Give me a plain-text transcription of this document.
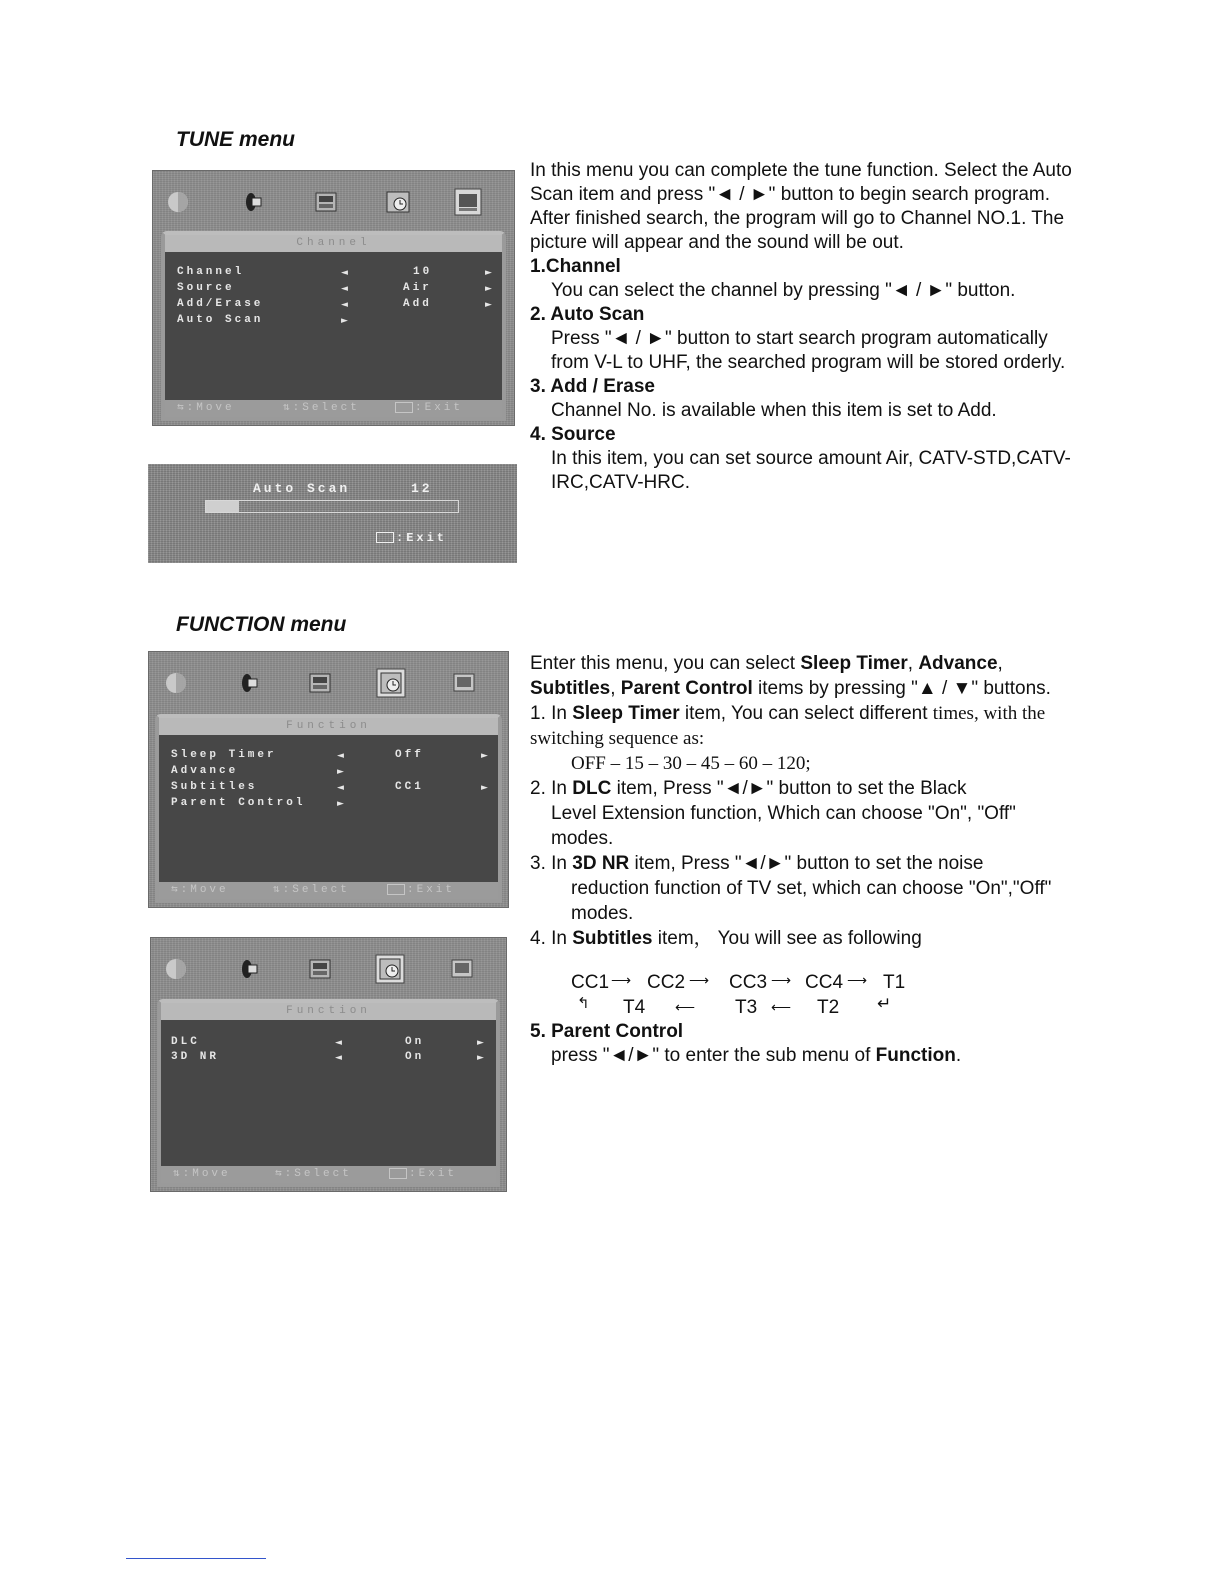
TUNE menu
Channel
Channel	◄	10	►
Source	◄	Air	►
Add/Erase	◄	Add	►
Auto Scan	►
⇆:Move	⇅:Select	:Exit
Auto Scan	12
:Exit

In this menu you can complete the tune function. Select the Auto Scan item and press "◄ / ►" button to begin search program. After finished search, the program will go to Channel NO.1. The picture will appear and the sound will be out.

1.Channel

You can select the channel by pressing "◄ / ►" button.

2. Auto Scan

Press "◄ / ►" button to start search program automatically from V-L to UHF, the searched program will be stored orderly.

3. Add / Erase

Channel No. is available when this item is set to Add.

4. Source

In this item, you can set source amount Air, CATV-STD,CATV-IRC,CATV-HRC.

FUNCTION menu
Function
Sleep Timer	◄	Off	►
Advance	►
Subtitles	◄	CC1	►
Parent Control	►
⇆:Move	⇅:Select	:Exit
Function
DLC	◄	On	►
3D NR	◄	On	►
⇅:Move	⇆:Select	:Exit

Enter this menu, you can select Sleep Timer, Advance, Subtitles, Parent Control items by pressing "▲ / ▼" buttons.

1. In Sleep Timer item, You can select different times, with the switching sequence as:

OFF – 15 – 30 – 45 – 60 – 120;

2. In DLC item, Press "◄/►" button to set the Black

Level Extension function, Which can choose "On", "Off" modes.

3. In 3D NR item, Press "◄/►" button to set the noise

reduction function of TV set, which can choose "On","Off" modes.

4. In Subtitles item， You will see as following

CC1 ⟶ CC2 ⟶ CC3 ⟶ CC4 ⟶ T1
↰ T4 ⟵ T3 ⟵ T2 ↵

5. Parent Control

press "◄/►" to enter the sub menu of Function.
